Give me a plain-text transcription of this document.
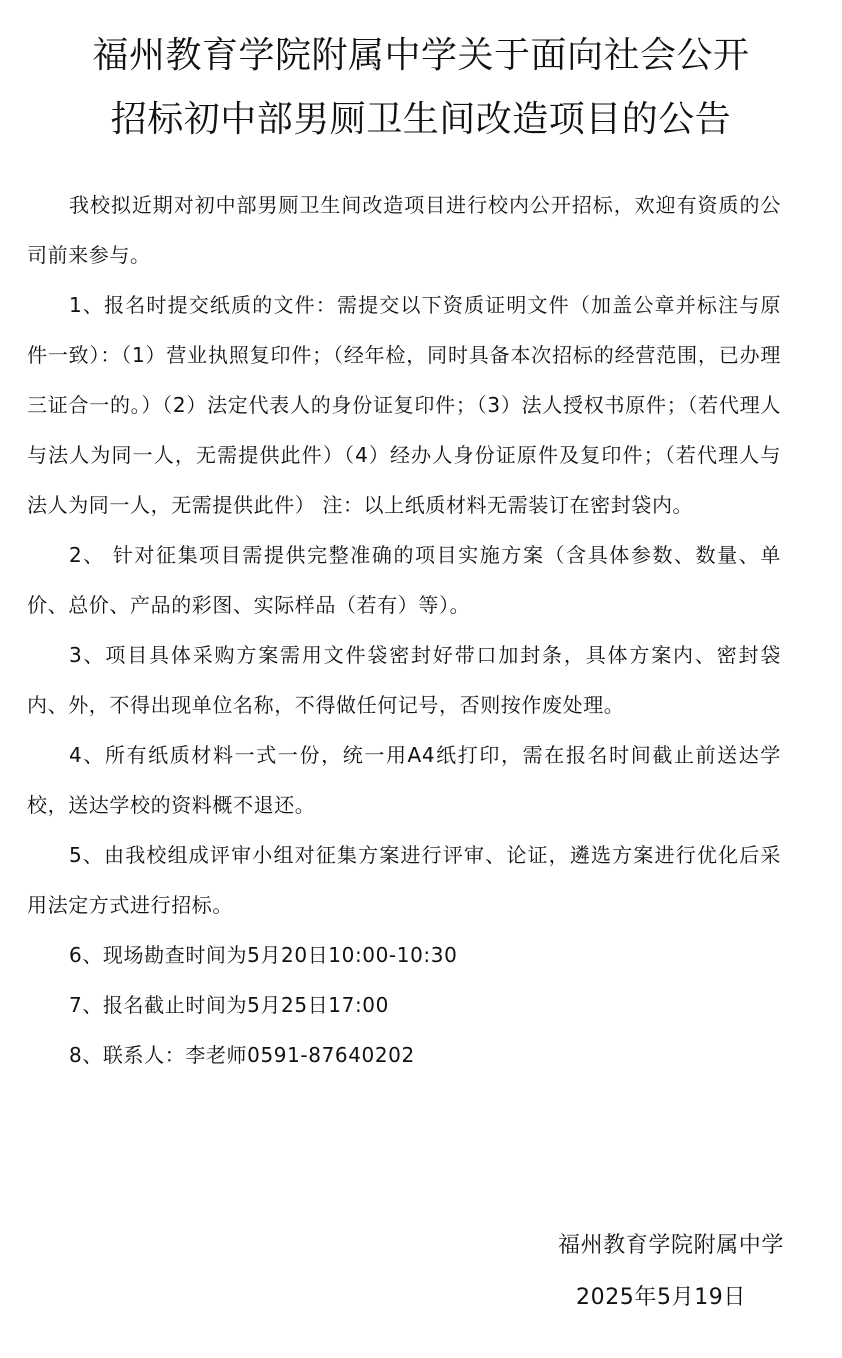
福州教育学院附属中学关于面向社会公开
招标初中部男厕卫生间改造项目的公告

我校拟近期对初中部男厕卫生间改造项目进行校内公开招标，欢迎有资质的公司前来参与。

1、报名时提交纸质的文件：需提交以下资质证明文件（加盖公章并标注与原件一致）：（1）营业执照复印件；（经年检，同时具备本次招标的经营范围，已办理三证合一的。）（2）法定代表人的身份证复印件；（3）法人授权书原件；（若代理人与法人为同一人，无需提供此件）（4）经办人身份证原件及复印件；（若代理人与法人为同一人，无需提供此件） 注：以上纸质材料无需装订在密封袋内。

2、 针对征集项目需提供完整准确的项目实施方案（含具体参数、数量、单价、总价、产品的彩图、实际样品（若有）等）。

3、项目具体采购方案需用文件袋密封好带口加封条，具体方案内、密封袋内、外，不得出现单位名称，不得做任何记号，否则按作废处理。

4、所有纸质材料一式一份，统一用A4纸打印，需在报名时间截止前送达学校，送达学校的资料概不退还。

5、由我校组成评审小组对征集方案进行评审、论证，遴选方案进行优化后采用法定方式进行招标。

6、现场勘查时间为5月20日10:00-10:30

7、报名截止时间为5月25日17:00

8、联系人：李老师0591-87640202

福州教育学院附属中学
2025年5月19日
